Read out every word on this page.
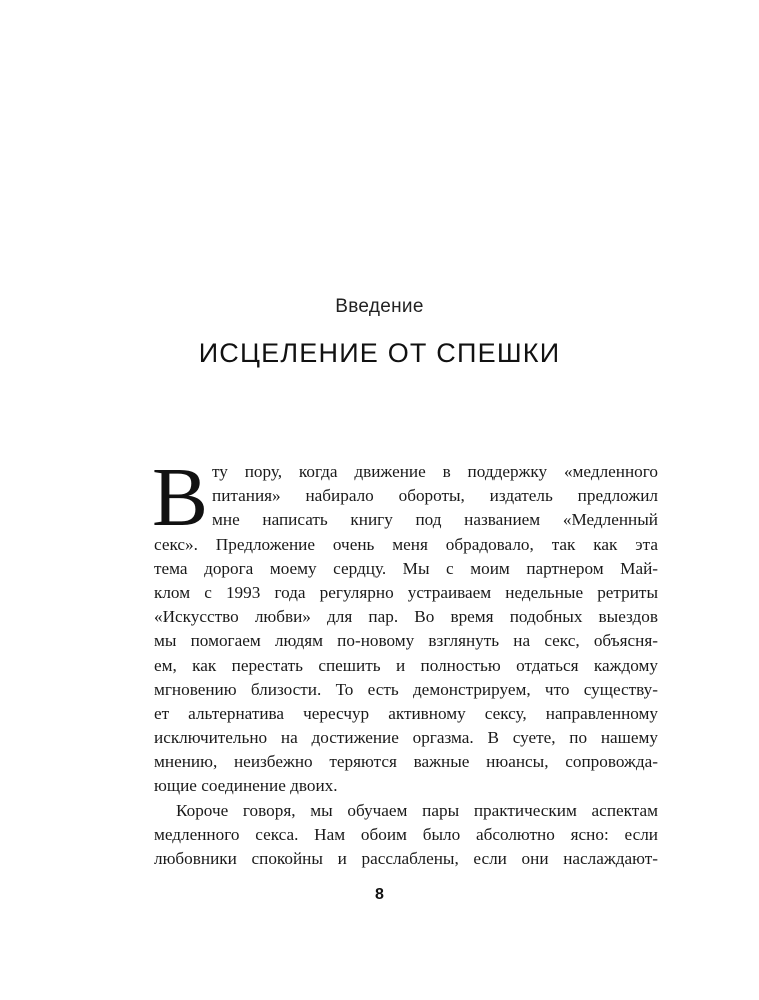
Введение
ИСЦЕЛЕНИЕ ОТ СПЕШКИ
В ту пору, когда движение в поддержку «медленного
питания» набирало обороты, издатель предложил
мне написать книгу под названием «Медленный
секс». Предложение очень меня обрадовало, так как эта
тема дорога моему сердцу. Мы с моим партнером Май-
клом с 1993 года регулярно устраиваем недельные ретриты
«Искусство любви» для пар. Во время подобных выездов
мы помогаем людям по-новому взглянуть на секс, объясня-
ем, как перестать спешить и полностью отдаться каждому
мгновению близости. То есть демонстрируем, что существу-
ет альтернатива чересчур активному сексу, направленному
исключительно на достижение оргазма. В суете, по нашему
мнению, неизбежно теряются важные нюансы, сопровожда-
ющие соединение двоих.
Короче говоря, мы обучаем пары практическим аспектам
медленного секса. Нам обоим было абсолютно ясно: если
любовники спокойны и расслаблены, если они наслаждают-
8
